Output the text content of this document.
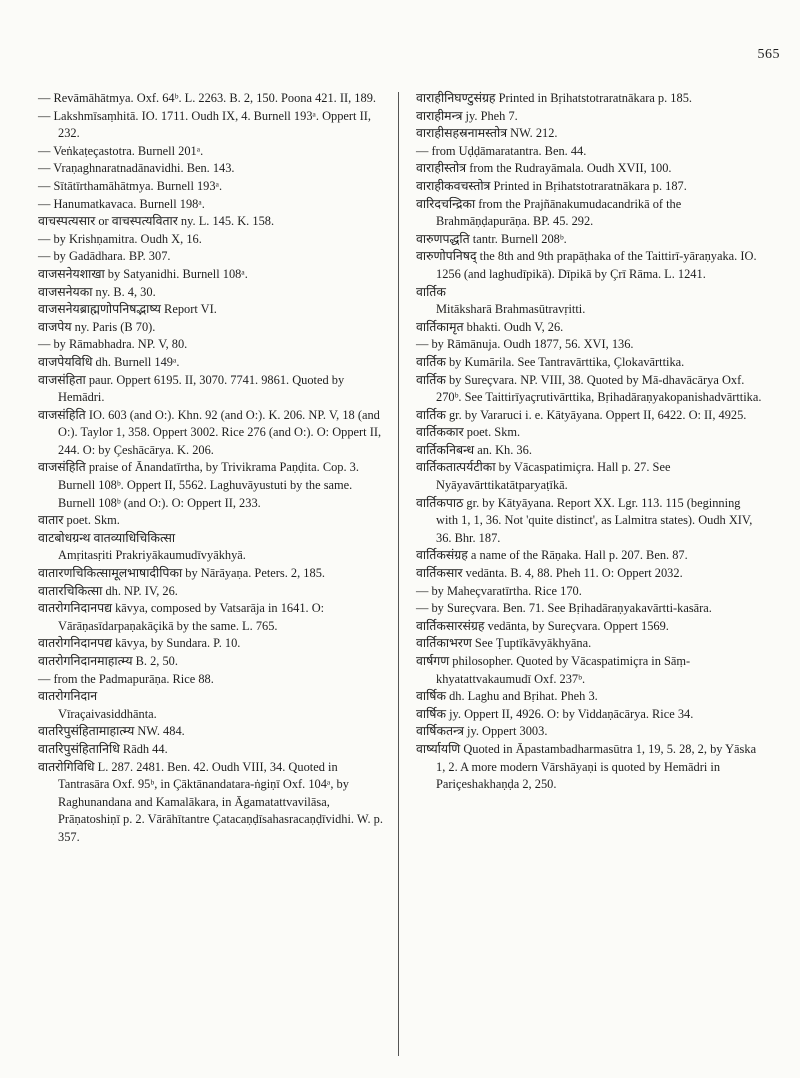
565

— Revāmāhātmya. Oxf. 64ᵇ. L. 2263. B. 2, 150. Poona 421. II, 189.

— Lakshmīsaṃhitā. IO. 1711. Oudh IX, 4. Burnell 193ᵃ. Oppert II, 232.

— Veṅkaṭeçastotra. Burnell 201ᵃ.

— Vraṇaghnaratnadānavidhi. Ben. 143.

— Sītātīrthamāhātmya. Burnell 193ᵃ.

— Hanumatkavaca. Burnell 198ᵃ.

वाचस्पत्यसार or वाचस्पत्यवितार ny. L. 145. K. 158.

— by Krishṇamitra. Oudh X, 16.

— by Gadādhara. BP. 307.

वाजसनेयशाखा by Satyanidhi. Burnell 108ᵃ.

वाजसनेयका ny. B. 4, 30.

वाजसनेयब्राह्मणोपनिषद्भाष्य Report VI.

वाजपेय ny. Paris (B 70).

— by Rāmabhadra. NP. V, 80.

वाजपेयविधि dh. Burnell 149ᵃ.

वाजसंहिता paur. Oppert 6195. II, 3070. 7741. 9861. Quoted by Hemādri.

वाजसंहिति IO. 603 (and O:). Khn. 92 (and O:). K. 206. NP. V, 18 (and O:). Taylor 1, 358. Oppert 3002. Rice 276 (and O:). O: Oppert II, 244. O: by Çeshācārya. K. 206.

वाजसंहिति praise of Ānandatīrtha, by Trivikrama Paṇḍita. Cop. 3. Burnell 108ᵇ. Oppert II, 5562. Laghuvāyustuti by the same. Burnell 108ᵇ (and O:). O: Oppert II, 233.

वातार poet. Skm.

वाटबोधग्रन्थ वातव्याधिचिकित्सा

Amṛitasṛiti Prakriyākaumudīvyākhyā.

वातारणचिकित्सामूलभाषादीपिका by Nārāyaṇa. Peters. 2, 185.

वातारचिकित्सा dh. NP. IV, 26.

वातरोगनिदानपद्य kāvya, composed by Vatsarāja in 1641. O: Vārāṇasīdarpaṇakāçikā by the same. L. 765.

वातरोगनिदानपद्य kāvya, by Sundara. P. 10.

वातरोगनिदानमाहात्म्य B. 2, 50.

— from the Padmapurāṇa. Rice 88.

वातरोगनिदान

Vīraçaivasiddhānta.

वातरिपुसंहितामाहात्म्य NW. 484.

वातरिपुसंहितानिधि Rādh 44.

वातरोगिविधि L. 287. 2481. Ben. 42. Oudh VIII, 34. Quoted in Tantrasāra Oxf. 95ᵇ, in Çāktānandatara-ṅgiṇī Oxf. 104ᵃ, by Raghunandana and Kamalākara, in Āgamatattvavilāsa, Prāṇatoshiṇī p. 2. Vārāhītantre Çatacaṇḍīsahasracaṇḍīvidhi. W. p. 357.

वाराहीनिघण्टुसंग्रह Printed in Bṛihatstotraratnākara p. 185.

वाराहीमन्त्र jy. Pheh 7.

वाराहीसहस्रनामस्तोत्र NW. 212.

— from Uḍḍāmaratantra. Ben. 44.

वाराहीस्तोत्र from the Rudrayāmala. Oudh XVII, 100.

वाराहीकवचस्तोत्र Printed in Bṛihatstotraratnākara p. 187.

वारिदचन्द्रिका from the Prajñānakumudacandrikā of the Brahmāṇḍapurāṇa. BP. 45. 292.

वारुणपद्धति tantr. Burnell 208ᵇ.

वारुणोपनिषद् the 8th and 9th prapāṭhaka of the Taittirī-yāraṇyaka. IO. 1256 (and laghudīpikā). Dīpikā by Çrī Rāma. L. 1241.

वार्तिक

Mitāksharā Brahmasūtravṛitti.

वार्तिकामृत bhakti. Oudh V, 26.

— by Rāmānuja. Oudh 1877, 56. XVI, 136.

वार्तिक by Kumārila. See Tantravārttika, Çlokavārttika.

वार्तिक by Sureçvara. NP. VIII, 38. Quoted by Mā-dhavācārya Oxf. 270ᵇ. See Taittirīyaçrutivārttika, Bṛihadāraṇyakopanishadvārttika.

वार्तिक gr. by Vararuci i. e. Kātyāyana. Oppert II, 6422. O: II, 4925.

वार्तिककार poet. Skm.

वार्तिकनिबन्ध an. Kh. 36.

वार्तिकतात्पर्यटीका by Vācaspatimiçra. Hall p. 27. See Nyāyavārttikatātparyaṭīkā.

वार्तिकपाठ gr. by Kātyāyana. Report XX. Lgr. 113. 115 (beginning with 1, 1, 36. Not 'quite distinct', as Lalmitra states). Oudh XIV, 36. Bhr. 187.

वार्तिकसंग्रह a name of the Rāṇaka. Hall p. 207. Ben. 87.

वार्तिकसार vedānta. B. 4, 88. Pheh 11. O: Oppert 2032.

— by Maheçvaratīrtha. Rice 170.

— by Sureçvara. Ben. 71. See Bṛihadāraṇyakavārtti-kasāra.

वार्तिकसारसंग्रह vedānta, by Sureçvara. Oppert 1569.

वार्तिकाभरण See Ṭuptīkāvyākhyāna.

वार्षगण philosopher. Quoted by Vācaspatimiçra in Sāṃ-khyatattvakaumudī Oxf. 237ᵇ.

वार्षिक dh. Laghu and Bṛihat. Pheh 3.

वार्षिक jy. Oppert II, 4926. O: by Viddaṇācārya. Rice 34.

वार्षिकतन्त्र jy. Oppert 3003.

वार्ष्यायणि Quoted in Āpastambadharmasūtra 1, 19, 5. 28, 2, by Yāska 1, 2. A more modern Vārshāyaṇi is quoted by Hemādri in Pariçeshakhaṇḍa 2, 250.
